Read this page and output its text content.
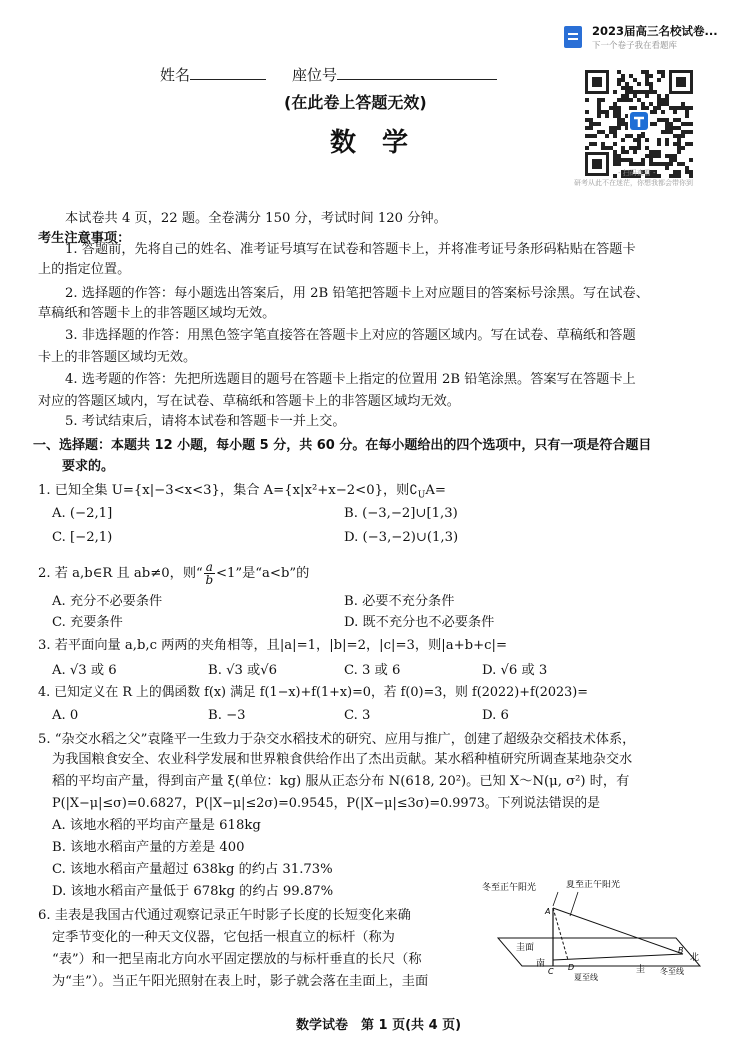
2023届高三名校试卷...
下一个卷子我在看题库
姓名	座位号
(在此卷上答题无效)
数　学
- 扫码查看 -
研考从此不在迷茫，你想我都会带你到
本试卷共 4 页，22 题。全卷满分 150 分，考试时间 120 分钟。
考生注意事项：
1. 答题前，先将自己的姓名、准考证号填写在试卷和答题卡上，并将准考证号条形码粘贴在答题卡
上的指定位置。
2. 选择题的作答：每小题选出答案后，用 2B 铅笔把答题卡上对应题目的答案标号涂黑。写在试卷、
草稿纸和答题卡上的非答题区域均无效。
3. 非选择题的作答：用黑色签字笔直接答在答题卡上对应的答题区域内。写在试卷、草稿纸和答题
卡上的非答题区域均无效。
4. 选考题的作答：先把所选题目的题号在答题卡上指定的位置用 2B 铅笔涂黑。答案写在答题卡上
对应的答题区域内，写在试卷、草稿纸和答题卡上的非答题区域均无效。
5. 考试结束后，请将本试卷和答题卡一并上交。
一、选择题：本题共 12 小题，每小题 5 分，共 60 分。在每小题给出的四个选项中，只有一项是符合题目
要求的。
1. 已知全集 U={x|−3<x<3}，集合 A={x|x²+x−2<0}，则$∁_UA=$
A. (−2,1]	B. (−3,−2]∪[1,3)
C. [−2,1)	D. (−3,−2)∪(1,3)
2. 若 a,b∈R 且 ab≠0，则“ $\frac{a}{b} <1$”是“a<b”的
A. 充分不必要条件	B. 必要不充分条件
C. 充要条件	D. 既不充分也不必要条件
3. 若平面向量 a,b,c 两两的夹角相等，且|a|=1，|b|=2，|c|=3，则|a+b+c|=
A. √3 或 6	B. √3 或√6	C. 3 或 6	D. √6 或 3
4. 已知定义在 R 上的偶函数 f(x) 满足 f(1−x)+f(1+x)=0，若 f(0)=3，则 f(2022)+f(2023)=
A. 0	B. −3	C. 3	D. 6
5. “杂交水稻之父”袁隆平一生致力于杂交水稻技术的研究、应用与推广，创建了超级杂交稻技术体系，
为我国粮食安全、农业科学发展和世界粮食供给作出了杰出贡献。某水稻种植研究所调查某地杂交水
稻的平均亩产量，得到亩产量 ξ(单位：kg) 服从正态分布 N(618, 20²)。已知 X～N(μ, σ²) 时，有
P(|X−μ|≤σ)=0.6827，P(|X−μ|≤2σ)=0.9545，P(|X−μ|≤3σ)=0.9973。下列说法错误的是
A. 该地水稻的平均亩产量是 618kg
B. 该地水稻亩产量的方差是 400
C. 该地水稻亩产量超过 638kg 的约占 31.73%
D. 该地水稻亩产量低于 678kg 的约占 99.87%
6. 圭表是我国古代通过观察记录正午时影子长度的长短变化来确
定季节变化的一种天文仪器，它包括一根直立的标杆（称为
“表”）和一把呈南北方向水平固定摆放的与标杆垂直的长尺（称
为“圭”）。当正午阳光照射在表上时，影子就会落在圭面上，圭面
冬至正午阳光	夏至正午阳光
A
B
C D
圭面
南
北
圭
夏至线
冬至线
数学试卷　第 1 页(共 4 页)
